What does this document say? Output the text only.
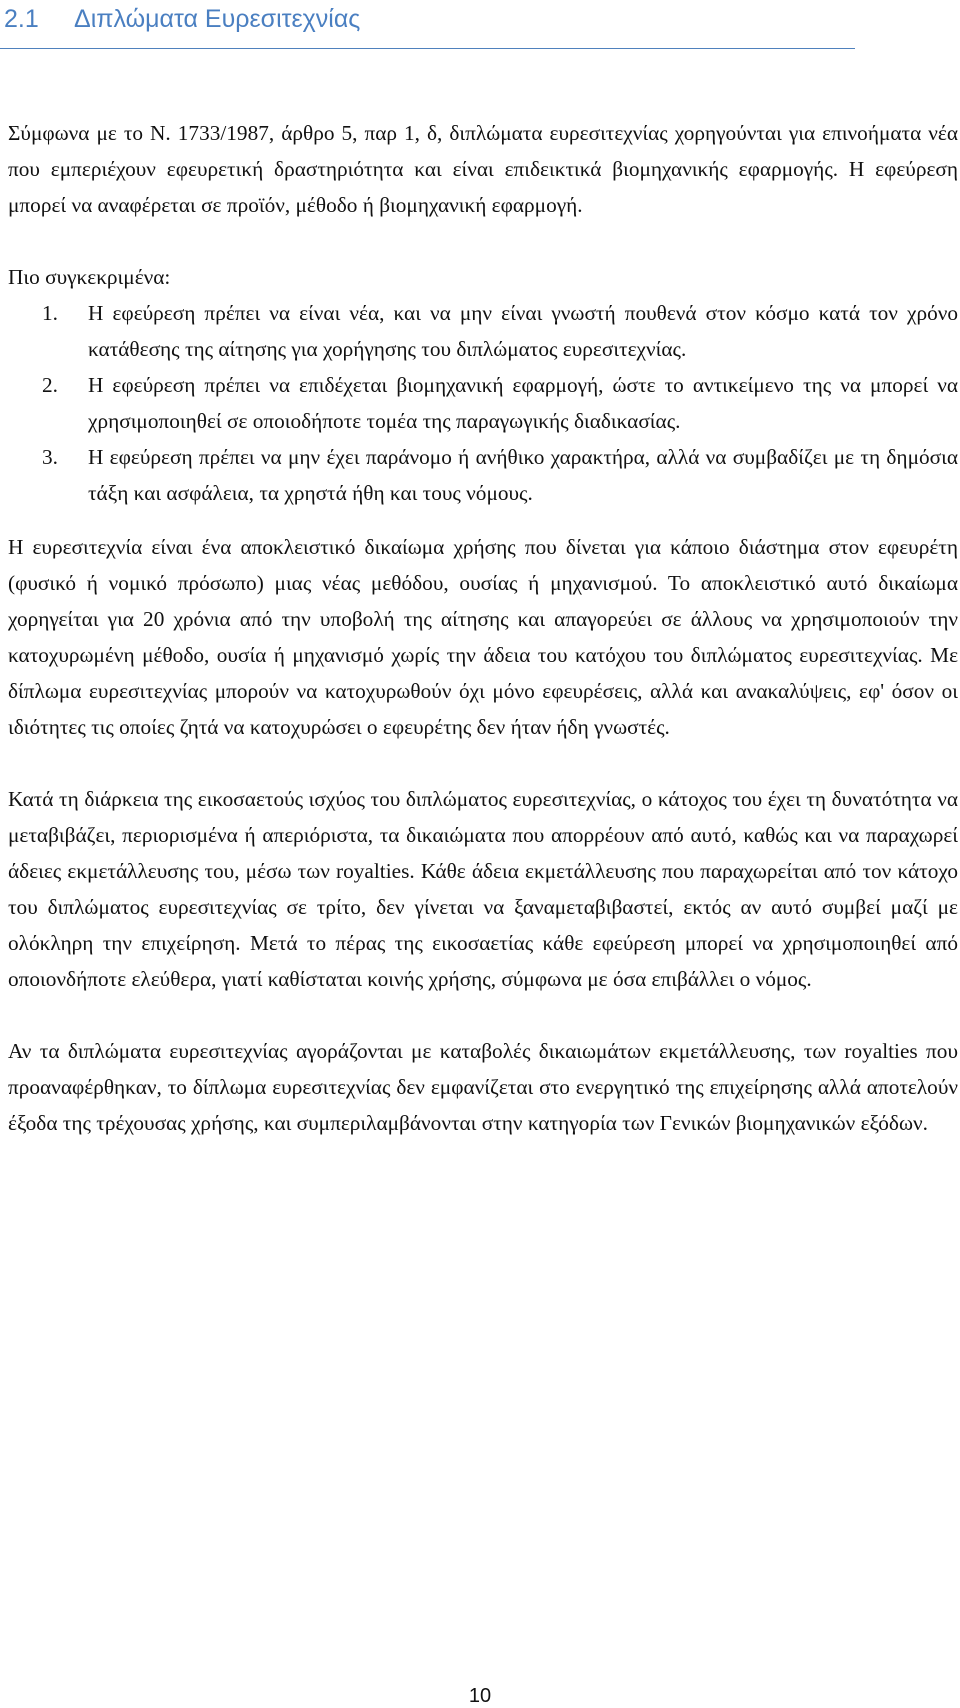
2.1 Διπλώματα Ευρεσιτεχνίας
Σύμφωνα με το Ν. 1733/1987, άρθρο 5, παρ 1, δ, διπλώματα ευρεσιτεχνίας χορηγούνται για επινοήματα νέα που εμπεριέχουν εφευρετική δραστηριότητα και είναι επιδεικτικά βιομηχανικής εφαρμογής. Η εφεύρεση μπορεί να αναφέρεται σε προϊόν, μέθοδο ή βιομηχανική εφαρμογή.
Πιο συγκεκριμένα:
1. Η εφεύρεση πρέπει να είναι νέα, και να μην είναι γνωστή πουθενά στον κόσμο κατά τον χρόνο κατάθεσης της αίτησης για χορήγησης του διπλώματος ευρεσιτεχνίας.
2. Η εφεύρεση πρέπει να επιδέχεται βιομηχανική εφαρμογή, ώστε το αντικείμενο της να μπορεί να χρησιμοποιηθεί σε οποιοδήποτε τομέα της παραγωγικής διαδικασίας.
3. Η εφεύρεση πρέπει να μην έχει παράνομο ή ανήθικο χαρακτήρα, αλλά να συμβαδίζει με τη δημόσια τάξη και ασφάλεια, τα χρηστά ήθη και τους νόμους.
Η ευρεσιτεχνία είναι ένα αποκλειστικό δικαίωμα χρήσης που δίνεται για κάποιο διάστημα στον εφευρέτη (φυσικό ή νομικό πρόσωπο) μιας νέας μεθόδου, ουσίας ή μηχανισμού. Το αποκλειστικό αυτό δικαίωμα χορηγείται για 20 χρόνια από την υποβολή της αίτησης και απαγορεύει σε άλλους να χρησιμοποιούν την κατοχυρωμένη μέθοδο, ουσία ή μηχανισμό χωρίς την άδεια του κατόχου του διπλώματος ευρεσιτεχνίας. Με δίπλωμα ευρεσιτεχνίας μπορούν να κατοχυρωθούν όχι μόνο εφευρέσεις, αλλά και ανακαλύψεις, εφ' όσον οι ιδιότητες τις οποίες ζητά να κατοχυρώσει ο εφευρέτης δεν ήταν ήδη γνωστές.
Κατά τη διάρκεια της εικοσαετούς ισχύος του διπλώματος ευρεσιτεχνίας, ο κάτοχος του έχει τη δυνατότητα να μεταβιβάζει, περιορισμένα ή απεριόριστα, τα δικαιώματα που απορρέουν από αυτό, καθώς και να παραχωρεί άδειες εκμετάλλευσης του, μέσω των royalties. Κάθε άδεια εκμετάλλευσης που παραχωρείται από τον κάτοχο του διπλώματος ευρεσιτεχνίας σε τρίτο, δεν γίνεται να ξαναμεταβιβαστεί, εκτός αν αυτό συμβεί μαζί με ολόκληρη την επιχείρηση. Μετά το πέρας της εικοσαετίας κάθε εφεύρεση μπορεί να χρησιμοποιηθεί από οποιονδήποτε ελεύθερα, γιατί καθίσταται κοινής χρήσης, σύμφωνα με όσα επιβάλλει ο νόμος.
Αν τα διπλώματα ευρεσιτεχνίας αγοράζονται με καταβολές δικαιωμάτων εκμετάλλευσης, των royalties που προαναφέρθηκαν, το δίπλωμα ευρεσιτεχνίας δεν εμφανίζεται στο ενεργητικό της επιχείρησης αλλά αποτελούν έξοδα της τρέχουσας χρήσης, και συμπεριλαμβάνονται στην κατηγορία των Γενικών βιομηχανικών εξόδων.
10
